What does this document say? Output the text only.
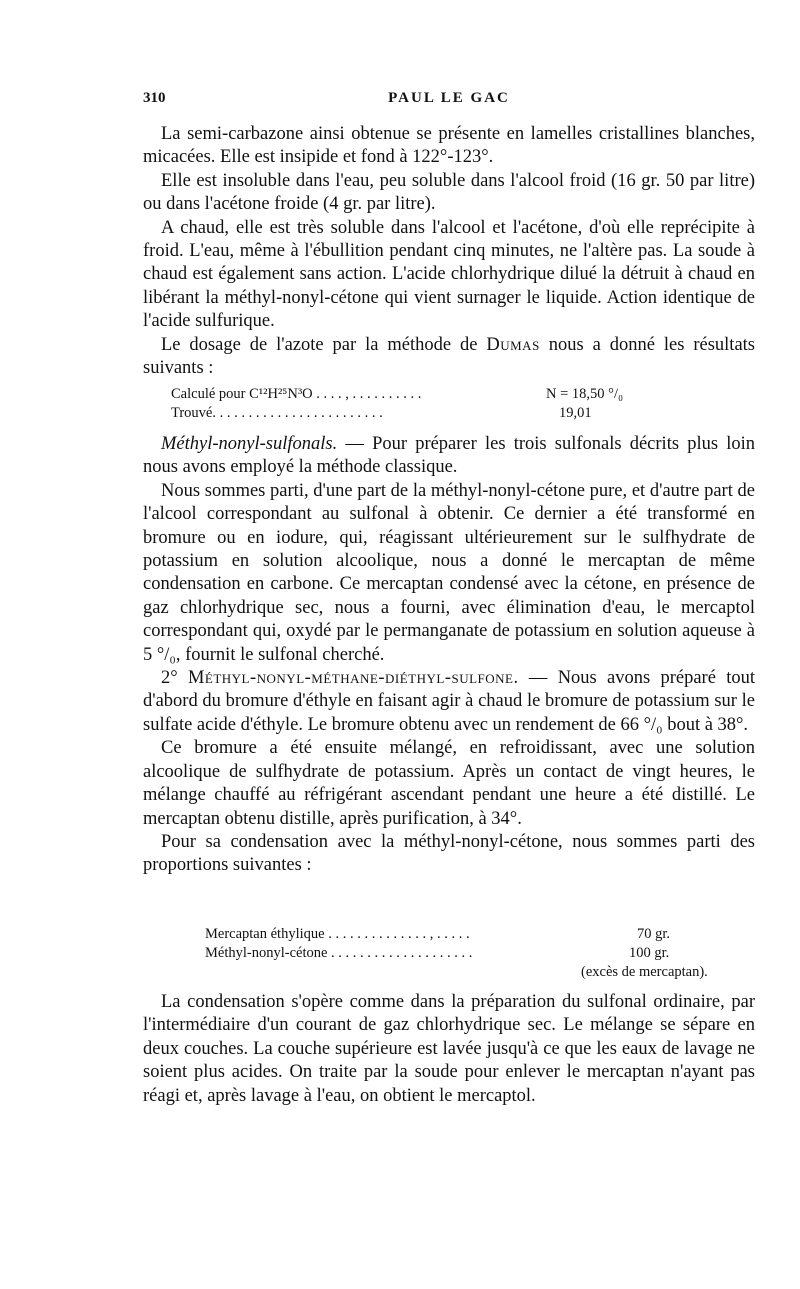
310	PAUL LE GAC

La semi-carbazone ainsi obtenue se présente en lamelles cristallines blanches, micacées. Elle est insipide et fond à 122°-123°.

Elle est insoluble dans l'eau, peu soluble dans l'alcool froid (16 gr. 50 par litre) ou dans l'acétone froide (4 gr. par litre).

A chaud, elle est très soluble dans l'alcool et l'acétone, d'où elle reprécipite à froid. L'eau, même à l'ébullition pendant cinq minutes, ne l'altère pas. La soude à chaud est également sans action. L'acide chlorhydrique dilué la détruit à chaud en libérant la méthyl-nonyl-cétone qui vient surnager le liquide. Action identique de l'acide sulfurique.

Le dosage de l'azote par la méthode de Dumas nous a donné les résultats suivants :

Calculé pour C¹²H²⁵N³O . . . . , . . . . . . . . . .	N = 18,50 °/₀
Trouvé. . . . . . . . . . . . . . . . . . . . . . . .	19,01

Méthyl-nonyl-sulfonals. — Pour préparer les trois sulfonals décrits plus loin nous avons employé la méthode classique.

Nous sommes parti, d'une part de la méthyl-nonyl-cétone pure, et d'autre part de l'alcool correspondant au sulfonal à obtenir. Ce dernier a été transformé en bromure ou en iodure, qui, réagissant ultérieurement sur le sulfhydrate de potassium en solution alcoolique, nous a donné le mercaptan de même condensation en carbone. Ce mercaptan condensé avec la cétone, en présence de gaz chlorhydrique sec, nous a fourni, avec élimination d'eau, le mercaptol correspondant qui, oxydé par le permanganate de potassium en solution aqueuse à 5 °/₀, fournit le sulfonal cherché.

2° Méthyl-nonyl-méthane-diéthyl-sulfone. — Nous avons préparé tout d'abord du bromure d'éthyle en faisant agir à chaud le bromure de potassium sur le sulfate acide d'éthyle. Le bromure obtenu avec un rendement de 66 °/₀ bout à 38°.

Ce bromure a été ensuite mélangé, en refroidissant, avec une solution alcoolique de sulfhydrate de potassium. Après un contact de vingt heures, le mélange chauffé au réfrigérant ascendant pendant une heure a été distillé. Le mercaptan obtenu distille, après purification, à 34°.

Pour sa condensation avec la méthyl-nonyl-cétone, nous sommes parti des proportions suivantes :

Mercaptan éthylique . . . . . . . . . . . . . . , . . . . .	70 gr.
Méthyl-nonyl-cétone . . . . . . . . . . . . . . . . . . . .	100 gr.
(excès de mercaptan).

La condensation s'opère comme dans la préparation du sulfonal ordinaire, par l'intermédiaire d'un courant de gaz chlorhydrique sec. Le mélange se sépare en deux couches. La couche supérieure est lavée jusqu'à ce que les eaux de lavage ne soient plus acides. On traite par la soude pour enlever le mercaptan n'ayant pas réagi et, après lavage à l'eau, on obtient le mercaptol.
